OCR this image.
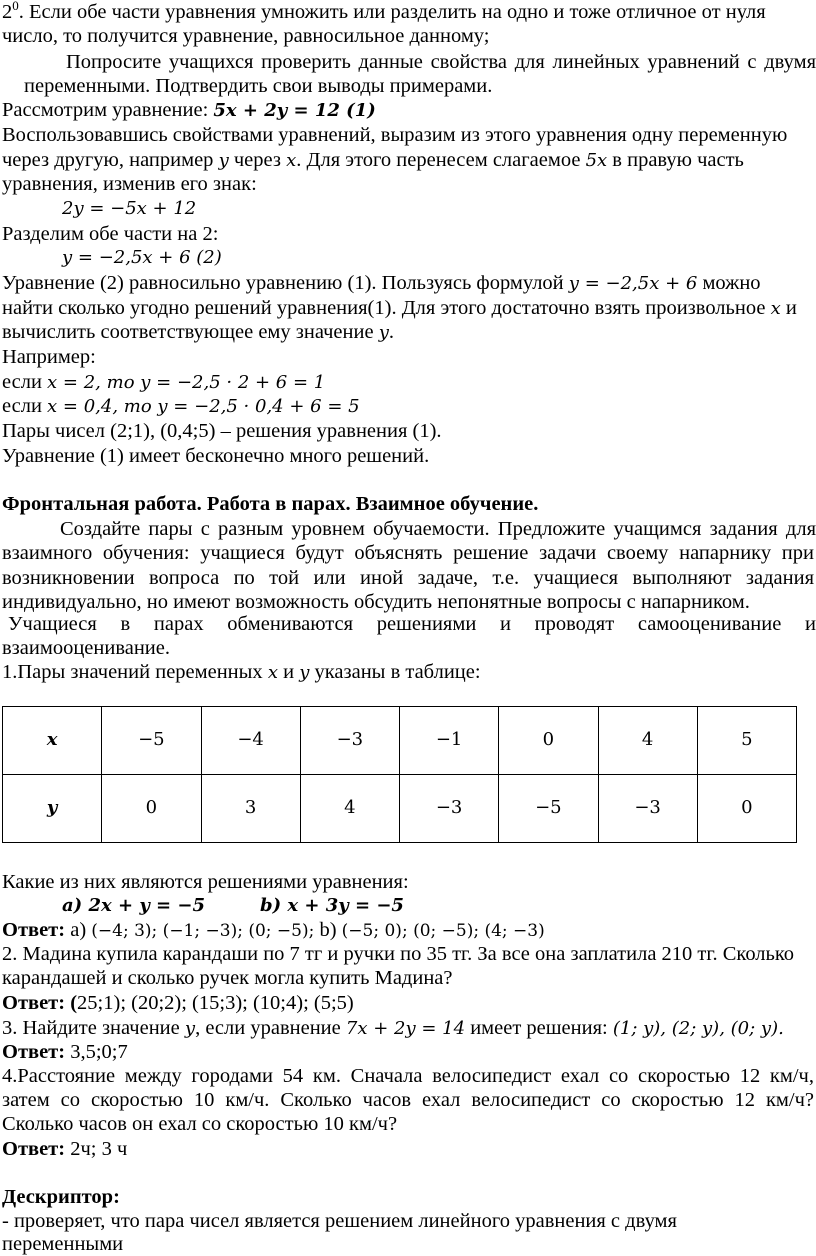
$2^0$. Если обе части уравнения умножить или разделить на одно и тоже отличное от нуля
число, то получится уравнение, равносильное данному;
Попросите учащихся проверить данные свойства для линейных уравнений с двумя
переменными. Подтвердить свои выводы примерами.
Рассмотрим уравнение: 5x + 2y = 12 (1)
Воспользовавшись свойствами уравнений, выразим из этого уравнения одну переменную
через другую, например y через x. Для этого перенесем слагаемое 5x в правую часть
уравнения, изменив его знак:
2y = −5x + 12
Разделим обе части на 2:
y = −2,5x + 6 (2)
Уравнение (2) равносильно уравнению (1). Пользуясь формулой y = −2,5x + 6 можно
найти сколько угодно решений уравнения(1). Для этого достаточно взять произвольное x и
вычислить соответствующее ему значение y.
Например:
если x = 2, то y = −2,5 · 2 + 6 = 1
если x = 0,4, то y = −2,5 · 0,4 + 6 = 5
Пары чисел (2;1), (0,4;5) – решения уравнения (1).
Уравнение (1) имеет бесконечно много решений.
Фронтальная работа. Работа в парах. Взаимное обучение.
Создайте пары с разным уровнем обучаемости. Предложите учащимся задания для
взаимного обучения: учащиеся будут объяснять решение задачи своему напарнику при
возникновении вопроса по той или иной задаче, т.е. учащиеся выполняют задания
индивидуально, но имеют возможность обсудить непонятные вопросы с напарником.
Учащиеся в парах обмениваются решениями и проводят самооценивание и
взаимооценивание.
1.Пары значений переменных x и y указаны в таблице:
x	−5	−4	−3	−1	0	4	5
y	0	3	4	−3	−5	−3	0
Какие из них являются решениями уравнения:
a) 2x + y = −5	b) x + 3y = −5
Ответ: а) (−4; 3); (−1; −3); (0; −5); b) (−5; 0); (0; −5); (4; −3)
2. Мадина купила карандаши по 7 тг и ручки по 35 тг. За все она заплатила 210 тг. Сколько
карандашей и сколько ручек могла купить Мадина?
Ответ: (25;1); (20;2); (15;3); (10;4); (5;5)
3. Найдите значение y, если уравнение 7x + 2y = 14 имеет решения: (1; y), (2; y), (0; y).
Ответ: 3,5;0;7
4.Расстояние между городами 54 км. Сначала велосипедист ехал со скоростью 12 км/ч,
затем со скоростью 10 км/ч. Сколько часов ехал велосипедист со скоростью 12 км/ч?
Сколько часов он ехал со скоростью 10 км/ч?
Ответ: 2ч; 3 ч
Дескриптор:
- проверяет, что пара чисел является решением линейного уравнения с двумя
переменными
